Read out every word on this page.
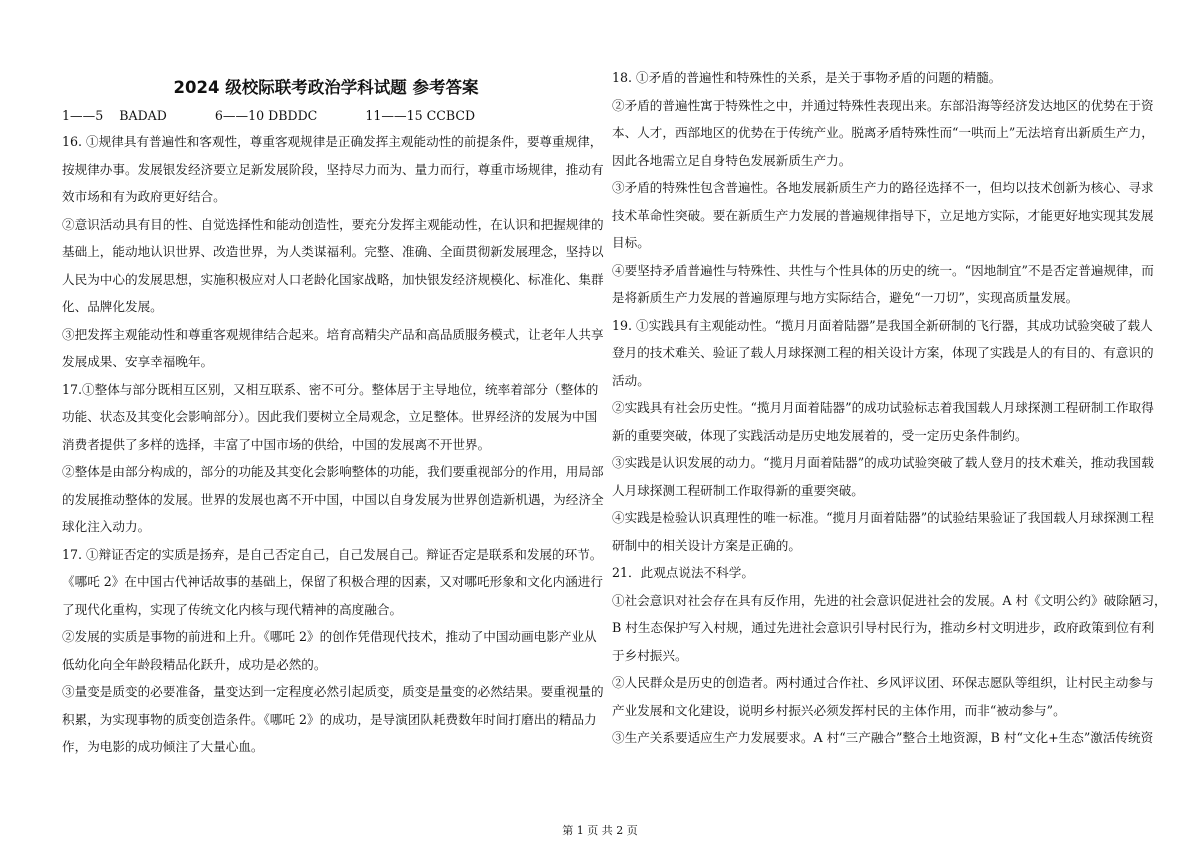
2024 级校际联考政治学科试题 参考答案
1——5    BADAD            6——10 DBDDC            11——15 CCBCD

16. ①规律具有普遍性和客观性，尊重客观规律是正确发挥主观能动性的前提条件，要尊重规律，

按规律办事。发展银发经济要立足新发展阶段，坚持尽力而为、量力而行，尊重市场规律，推动有

效市场和有为政府更好结合。

②意识活动具有目的性、自觉选择性和能动创造性，要充分发挥主观能动性，在认识和把握规律的

基础上，能动地认识世界、改造世界，为人类谋福利。完整、准确、全面贯彻新发展理念，坚持以

人民为中心的发展思想，实施积极应对人口老龄化国家战略，加快银发经济规模化、标准化、集群

化、品牌化发展。

③把发挥主观能动性和尊重客观规律结合起来。培育高精尖产品和高品质服务模式，让老年人共享

发展成果、安享幸福晚年。

17.①整体与部分既相互区别，又相互联系、密不可分。整体居于主导地位，统率着部分（整体的

功能、状态及其变化会影响部分）。因此我们要树立全局观念，立足整体。世界经济的发展为中国

消费者提供了多样的选择，丰富了中国市场的供给，中国的发展离不开世界。

②整体是由部分构成的，部分的功能及其变化会影响整体的功能，我们要重视部分的作用，用局部

的发展推动整体的发展。世界的发展也离不开中国，中国以自身发展为世界创造新机遇，为经济全

球化注入动力。

17. ①辩证否定的实质是扬弃，是自己否定自己，自己发展自己。辩证否定是联系和发展的环节。

《哪吒 2》在中国古代神话故事的基础上，保留了积极合理的因素，又对哪吒形象和文化内涵进行

了现代化重构，实现了传统文化内核与现代精神的高度融合。

②发展的实质是事物的前进和上升。《哪吒 2》的创作凭借现代技术，推动了中国动画电影产业从

低幼化向全年龄段精品化跃升，成功是必然的。

③量变是质变的必要准备，量变达到一定程度必然引起质变，质变是量变的必然结果。要重视量的

积累，为实现事物的质变创造条件。《哪吒 2》的成功，是导演团队耗费数年时间打磨出的精品力

作，为电影的成功倾注了大量心血。

18. ①矛盾的普遍性和特殊性的关系，是关于事物矛盾的问题的精髓。

②矛盾的普遍性寓于特殊性之中，并通过特殊性表现出来。东部沿海等经济发达地区的优势在于资

本、人才，西部地区的优势在于传统产业。脱离矛盾特殊性而“一哄而上”无法培育出新质生产力，

因此各地需立足自身特色发展新质生产力。

③矛盾的特殊性包含普遍性。各地发展新质生产力的路径选择不一，但均以技术创新为核心、寻求

技术革命性突破。要在新质生产力发展的普遍规律指导下，立足地方实际，才能更好地实现其发展

目标。

④要坚持矛盾普遍性与特殊性、共性与个性具体的历史的统一。“因地制宜”不是否定普遍规律，而

是将新质生产力发展的普遍原理与地方实际结合，避免“一刀切”，实现高质量发展。

19. ①实践具有主观能动性。“揽月月面着陆器”是我国全新研制的飞行器，其成功试验突破了载人

登月的技术难关、验证了载人月球探测工程的相关设计方案，体现了实践是人的有目的、有意识的

活动。

②实践具有社会历史性。“揽月月面着陆器”的成功试验标志着我国载人月球探测工程研制工作取得

新的重要突破，体现了实践活动是历史地发展着的，受一定历史条件制约。

③实践是认识发展的动力。“揽月月面着陆器”的成功试验突破了载人登月的技术难关，推动我国载

人月球探测工程研制工作取得新的重要突破。

④实践是检验认识真理性的唯一标准。“揽月月面着陆器”的试验结果验证了我国载人月球探测工程

研制中的相关设计方案是正确的。

21．此观点说法不科学。

①社会意识对社会存在具有反作用，先进的社会意识促进社会的发展。A 村《文明公约》破除陋习，

B 村生态保护写入村规，通过先进社会意识引导村民行为，推动乡村文明进步，政府政策到位有利

于乡村振兴。

②人民群众是历史的创造者。两村通过合作社、乡风评议团、环保志愿队等组织，让村民主动参与

产业发展和文化建设，说明乡村振兴必须发挥村民的主体作用，而非“被动参与”。

③生产关系要适应生产力发展要求。A 村“三产融合”整合土地资源，B 村“文化+生态”激活传统资

第 1 页 共 2 页
